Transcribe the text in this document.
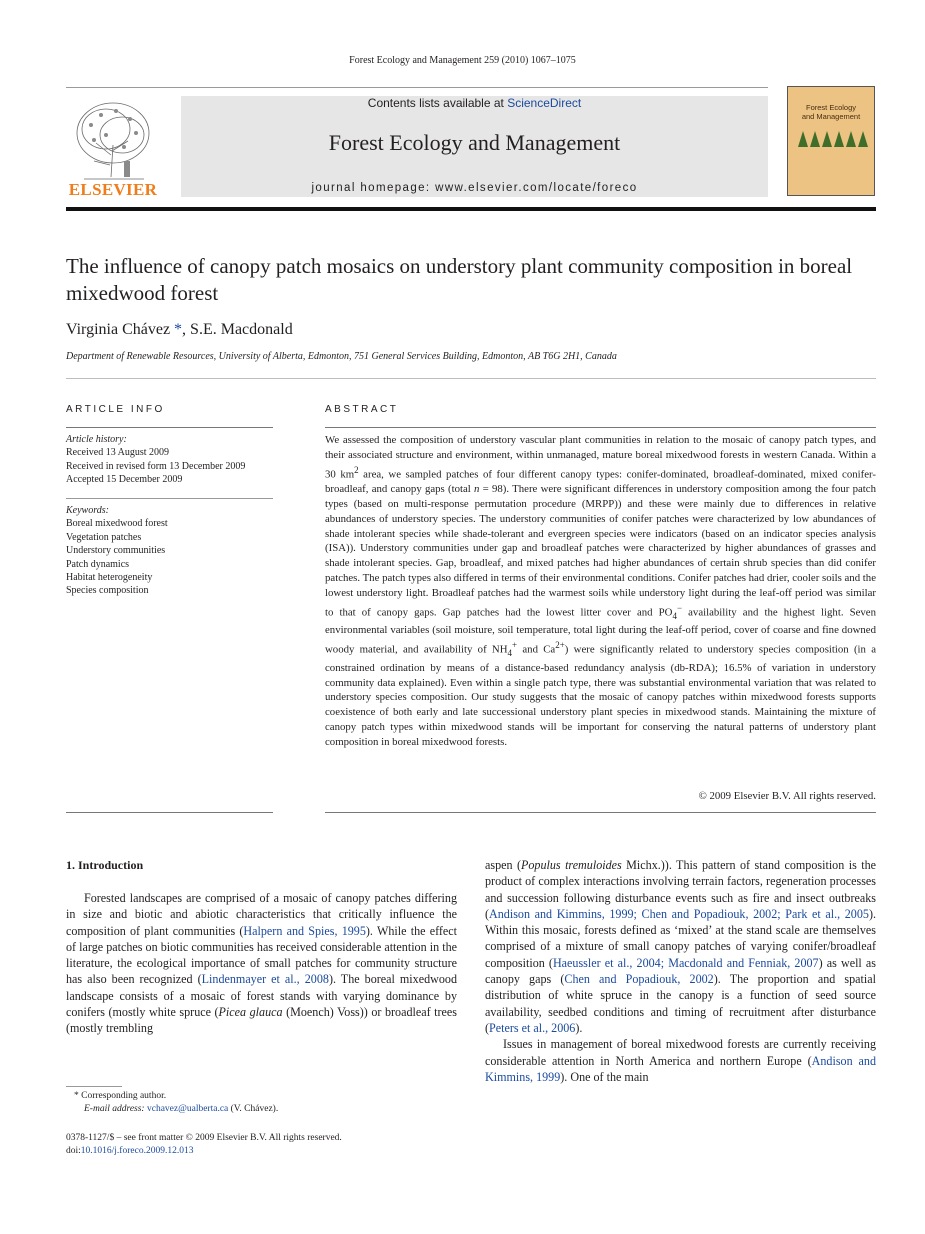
Forest Ecology and Management 259 (2010) 1067–1075
ELSEVIER
Contents lists available at ScienceDirect
Forest Ecology and Management
journal homepage: www.elsevier.com/locate/foreco
Forest Ecology
and Management
The influence of canopy patch mosaics on understory plant community composition in boreal mixedwood forest
Virginia Chávez *, S.E. Macdonald
Department of Renewable Resources, University of Alberta, Edmonton, 751 General Services Building, Edmonton, AB T6G 2H1, Canada
ARTICLE INFO	ABSTRACT
Article history:
Received 13 August 2009
Received in revised form 13 December 2009
Accepted 15 December 2009
Keywords:
Boreal mixedwood forest
Vegetation patches
Understory communities
Patch dynamics
Habitat heterogeneity
Species composition
We assessed the composition of understory vascular plant communities in relation to the mosaic of canopy patch types, and their associated structure and environment, within unmanaged, mature boreal mixedwood forests in western Canada. Within a 30 $km^2$ area, we sampled patches of four different canopy types: conifer-dominated, broadleaf-dominated, mixed conifer-broadleaf, and canopy gaps (total n = 98). There were significant differences in understory composition among the four patch types (based on multi-response permutation procedure (MRPP)) and these were mainly due to differences in relative abundances of understory species. The understory communities of conifer patches were characterized by low abundances of shade intolerant species while shade-tolerant and evergreen species were indicators (based on an indicator species analysis (ISA)). Understory communities under gap and broadleaf patches were characterized by higher abundances of grasses and shade intolerant species. Gap, broadleaf, and mixed patches had higher abundances of certain shrub species than did conifer patches. The patch types also differed in terms of their environmental conditions. Conifer patches had drier, cooler soils and the lowest understory light. Broadleaf patches had the warmest soils while understory light during the leaf-off period was similar to that of canopy gaps. Gap patches had the lowest litter cover and $PO_4^-$ availability and the highest light. Seven environmental variables (soil moisture, soil temperature, total light during the leaf-off period, cover of coarse and fine downed woody material, and availability of $NH_4^+$ and $Ca^{2+}$) were significantly related to understory species composition (in a constrained ordination by means of a distance-based redundancy analysis (db-RDA); 16.5% of variation in understory community data explained). Even within a single patch type, there was substantial environmental variation that was related to understory species composition. Our study suggests that the mosaic of canopy patches within mixedwood forests supports coexistence of both early and late successional understory plant species in mixedwood stands. Maintaining the mixture of canopy patch types within mixedwood stands will be important for conserving the natural patterns of understory plant composition in boreal mixedwood forests.
© 2009 Elsevier B.V. All rights reserved.
1. Introduction

Forested landscapes are comprised of a mosaic of canopy patches differing in size and biotic and abiotic characteristics that critically influence the composition of plant communities (Halpern and Spies, 1995). While the effect of large patches on biotic communities has received considerable attention in the literature, the ecological importance of small patches for community structure has also been recognized (Lindenmayer et al., 2008). The boreal mixedwood landscape consists of a mosaic of forest stands with varying dominance by conifers (mostly white spruce (Picea glauca (Moench) Voss)) or broadleaf trees (mostly trembling

aspen (Populus tremuloides Michx.)). This pattern of stand composition is the product of complex interactions involving terrain factors, regeneration processes and succession following disturbance events such as fire and insect outbreaks (Andison and Kimmins, 1999; Chen and Popadiouk, 2002; Park et al., 2005). Within this mosaic, forests defined as ‘mixed’ at the stand scale are themselves comprised of a mixture of small canopy patches of varying conifer/broadleaf composition (Haeussler et al., 2004; Macdonald and Fenniak, 2007) as well as canopy gaps (Chen and Popadiouk, 2002). The proportion and spatial distribution of white spruce in the canopy is a function of seed source availability, seedbed conditions and timing of recruitment after disturbance (Peters et al., 2006).

Issues in management of boreal mixedwood forests are currently receiving considerable attention in North America and northern Europe (Andison and Kimmins, 1999). One of the main

* Corresponding author.
E-mail address: vchavez@ualberta.ca (V. Chávez).
0378-1127/$ – see front matter © 2009 Elsevier B.V. All rights reserved.
doi:10.1016/j.foreco.2009.12.013
